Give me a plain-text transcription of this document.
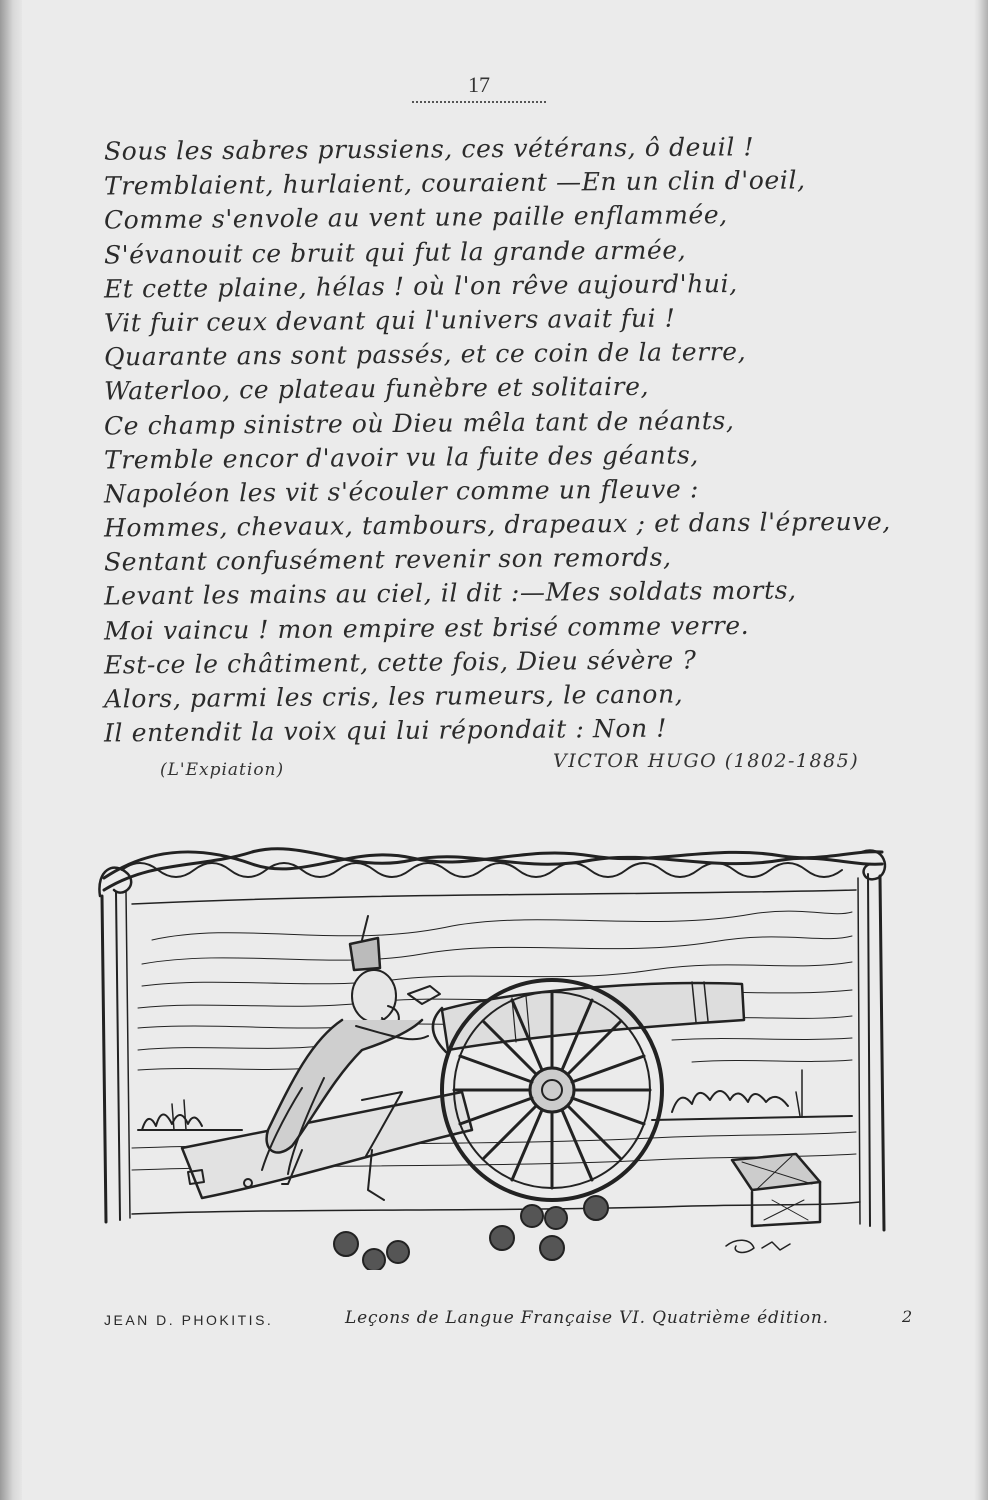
17
Sous les sabres prussiens, ces vétérans, ô deuil !
Tremblaient, hurlaient, couraient —En un clin d'oeil,
Comme s'envole au vent une paille enflammée,
S'évanouit ce bruit qui fut la grande armée,
Et cette plaine, hélas ! où l'on rêve aujourd'hui,
Vit fuir ceux devant qui l'univers avait fui !
Quarante ans sont passés, et ce coin de la terre,
Waterloo, ce plateau funèbre et solitaire,
Ce champ sinistre où Dieu mêla tant de néants,
Tremble encor d'avoir vu la fuite des géants,
Napoléon les vit s'écouler comme un fleuve :
Hommes, chevaux, tambours, drapeaux ; et dans l'épreuve,
Sentant confusément revenir son remords,
Levant les mains au ciel, il dit :—Mes soldats morts,
Moi vaincu ! mon empire est brisé comme verre.
Est-ce le châtiment, cette fois, Dieu sévère ?
Alors, parmi les cris, les rumeurs, le canon,
Il entendit la voix qui lui répondait : Non !
(L'Expiation)	VICTOR HUGO (1802-1885)
JEAN D. PHOKITIS.	Leçons de Langue Française VI. Quatrième édition.	2
